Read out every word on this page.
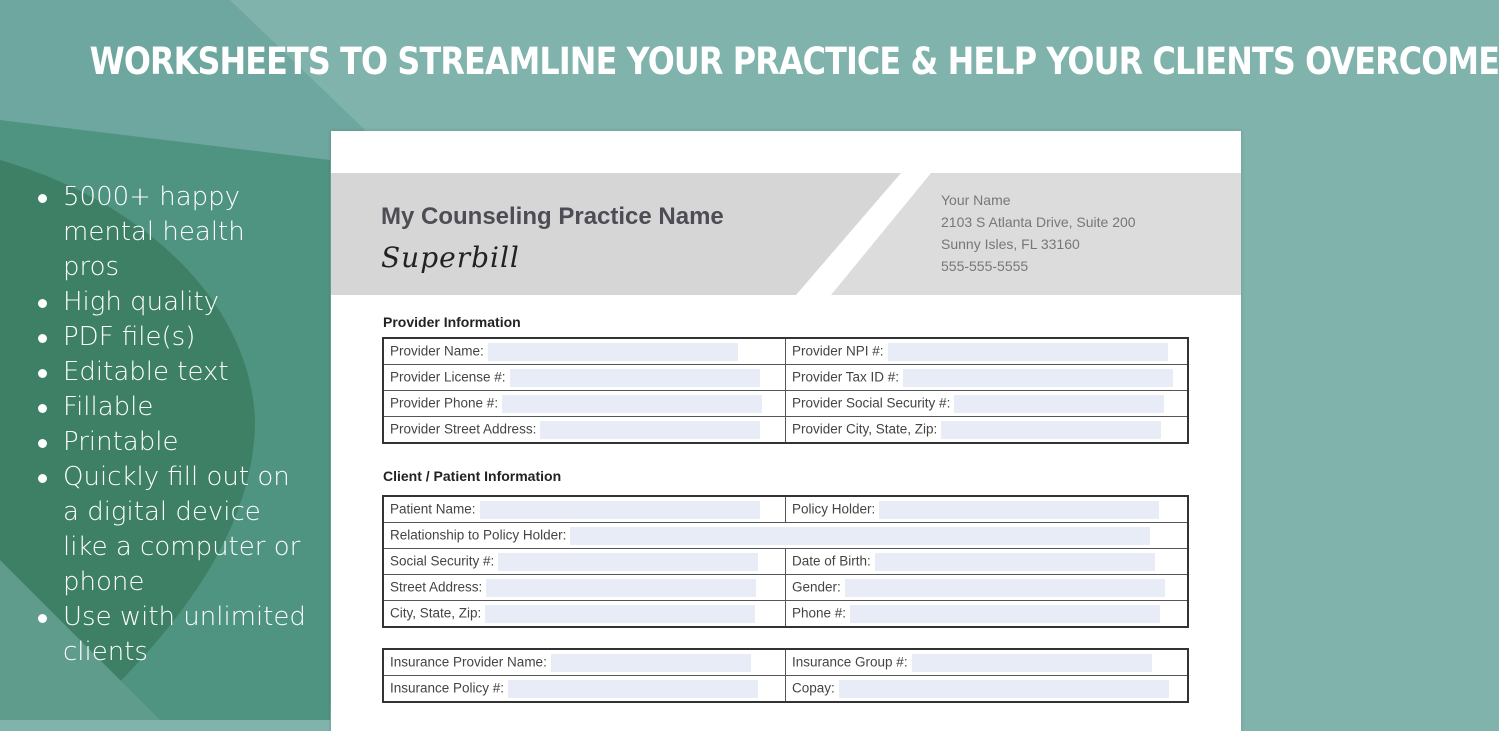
WORKSHEETS TO STREAMLINE YOUR PRACTICE & HELP YOUR CLIENTS OVERCOME
5000+ happy mental health pros
High quality
PDF file(s)
Editable text
Fillable
Printable
Quickly fill out on a digital device like a computer or phone
Use with unlimited clients
My Counseling Practice Name
Superbill
Your Name
2103 S Atlanta Drive, Suite 200
Sunny Isles, FL 33160
555-555-5555
Provider Information
Provider Name:	Provider NPI #:
Provider License #:	Provider Tax ID #:
Provider Phone #:	Provider Social Security #:
Provider Street Address:	Provider City, State, Zip:
Client / Patient Information
Patient Name:	Policy Holder:
Relationship to Policy Holder:	
Social Security #:	Date of Birth:
Street Address:	Gender:
City, State, Zip:	Phone #:
Insurance Provider Name:	Insurance Group #:
Insurance Policy #:	Copay:
